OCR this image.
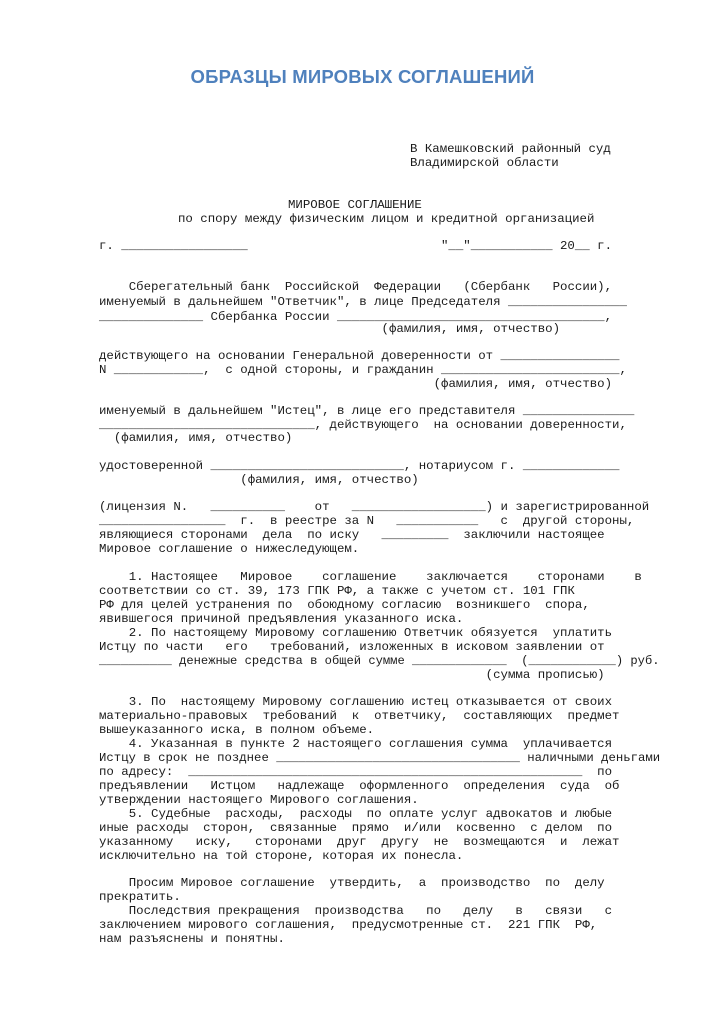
ОБРАЗЦЫ МИРОВЫХ СОГЛАШЕНИЙ
В Камешковский районный суд
Владимирской области
МИРОВОЕ СОГЛАШЕНИЕ
по спору между физическим лицом и кредитной организацией
г. _________________	"__"___________ 20__ г.
Сберегательный банк  Российской  Федерации   (Сбербанк   России),
именуемый в дальнейшем "Ответчик", в лице Председателя ________________
______________ Сбербанка России ____________________________________,
(фамилия, имя, отчество)
действующего на основании Генеральной доверенности от ________________
N ____________,  с одной стороны, и гражданин ________________________,
(фамилия, имя, отчество)
именуемый в дальнейшем "Истец", в лице его представителя _______________
_____________________________, действующего  на основании доверенности,
(фамилия, имя, отчество)
удостоверенной __________________________, нотариусом г. _____________
(фамилия, имя, отчество)
(лицензия N.   __________    от   __________________) и зарегистрированной
_________________  г.  в реестре за N   ___________   с  другой стороны,
являющиеся сторонами  дела  по иску   _________  заключили настоящее
Мировое соглашение о нижеследующем.
1. Настоящее   Мировое    соглашение    заключается    сторонами    в
соответствии со ст. 39, 173 ГПК РФ, а также с учетом ст. 101 ГПК
РФ для целей устранения по  обоюдному согласию  возникшего  спора,
явившегося причиной предъявления указанного иска.
2. По настоящему Мировому соглашению Ответчик обязуется  уплатить
Истцу по части   его   требований, изложенных в исковом заявлении от
__________ денежные средства в общей сумме _____________  (____________) руб.
(сумма прописью)
3. По  настоящему Мировому соглашению истец отказывается от своих
материально-правовых  требований  к  ответчику,  составляющих  предмет
вышеуказанного иска, в полном объеме.
4. Указанная в пункте 2 настоящего соглашения сумма  уплачивается
Истцу в срок не позднее _________________________________ наличными деньгами
по адресу:  _____________________________________________________  по
предъявлении   Истцом   надлежаще  оформленного  определения  суда  об
утверждении настоящего Мирового соглашения.
5. Судебные  расходы,  расходы  по оплате услуг адвокатов и любые
иные расходы  сторон,  связанные  прямо  и/или  косвенно  с делом  по
указанному   иску,   сторонами  друг  другу  не  возмещаются  и  лежат
исключительно на той стороне, которая их понесла.
Просим Мировое соглашение  утвердить,  а  производство  по  делу
прекратить.
Последствия прекращения  производства   по   делу   в   связи   с
заключением мирового соглашения,  предусмотренные ст.  221 ГПК  РФ,
нам разъяснены и понятны.
